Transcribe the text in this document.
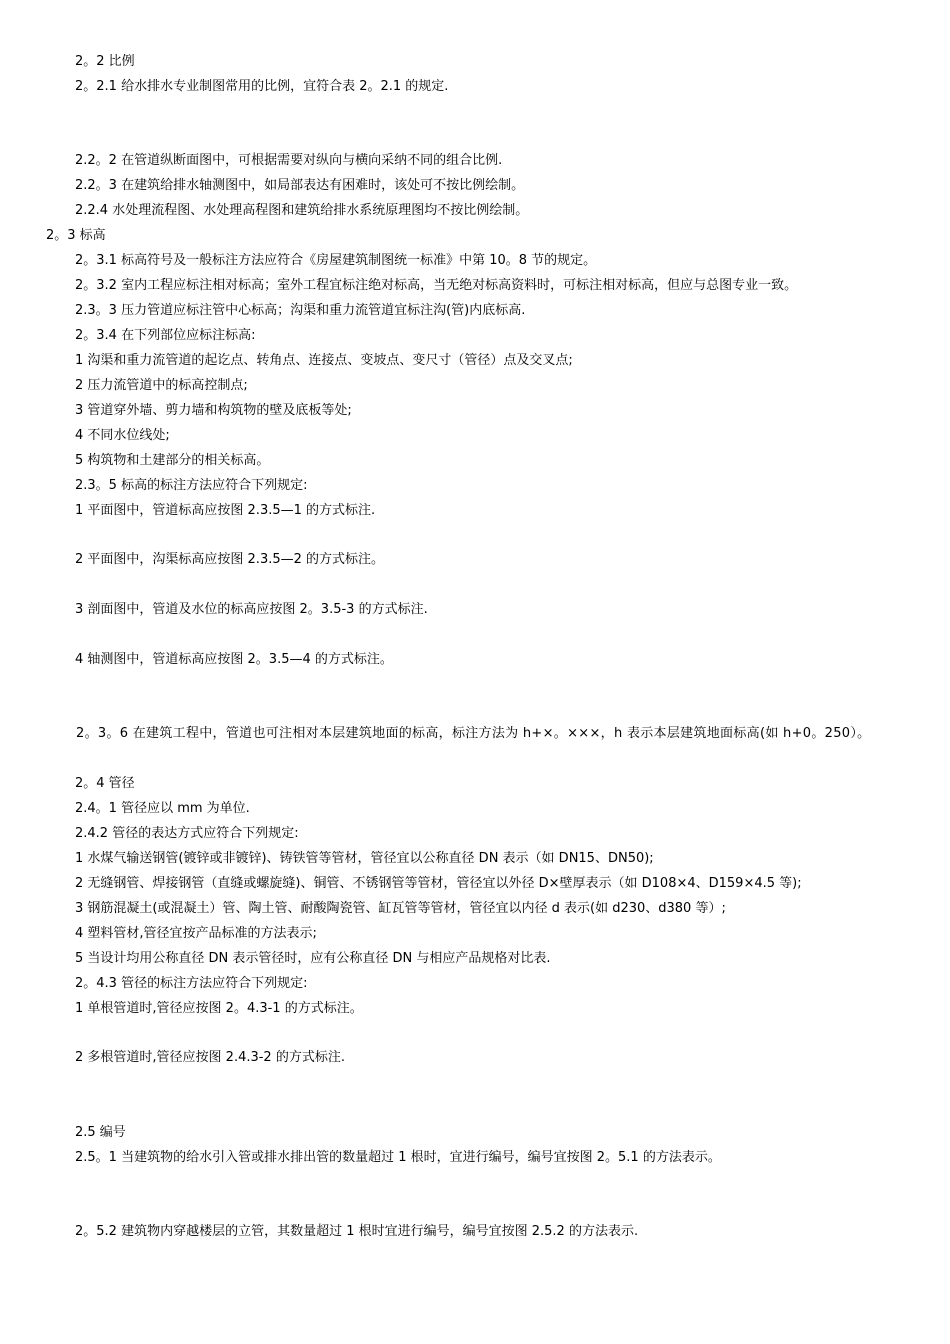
2。2 比例

2。2.1 给水排水专业制图常用的比例，宜符合表 2。2.1 的规定.

2.2。2 在管道纵断面图中，可根据需要对纵向与横向采纳不同的组合比例.

2.2。3 在建筑给排水轴测图中，如局部表达有困难时，该处可不按比例绘制。

2.2.4 水处理流程图、水处理高程图和建筑给排水系统原理图均不按比例绘制。

2。3 标高

2。3.1 标高符号及一般标注方法应符合《房屋建筑制图统一标准》中第 10。8 节的规定。

2。3.2 室内工程应标注相对标高；室外工程宜标注绝对标高，当无绝对标高资料时，可标注相对标高，但应与总图专业一致。

2.3。3 压力管道应标注管中心标高；沟渠和重力流管道宜标注沟(管)内底标高.

2。3.4 在下列部位应标注标高:

1 沟渠和重力流管道的起讫点、转角点、连接点、变坡点、变尺寸（管径）点及交叉点;

2 压力流管道中的标高控制点;

3 管道穿外墙、剪力墙和构筑物的壁及底板等处;

4 不同水位线处;

5 构筑物和土建部分的相关标高。

2.3。5 标高的标注方法应符合下列规定:

1 平面图中，管道标高应按图 2.3.5—1 的方式标注.

2 平面图中，沟渠标高应按图 2.3.5—2 的方式标注。

3 剖面图中，管道及水位的标高应按图 2。3.5-3 的方式标注.

4 轴测图中，管道标高应按图 2。3.5—4 的方式标注。

2。3。6 在建筑工程中，管道也可注相对本层建筑地面的标高，标注方法为 h+×。×××，h 表示本层建筑地面标高(如 h+0。250）。

2。4 管径

2.4。1 管径应以 mm 为单位.

2.4.2 管径的表达方式应符合下列规定:

1 水煤气输送钢管(镀锌或非镀锌)、铸铁管等管材，管径宜以公称直径 DN 表示（如 DN15、DN50);

2 无缝钢管、焊接钢管（直缝或螺旋缝)、铜管、不锈钢管等管材，管径宜以外径 D×壁厚表示（如 D108×4、D159×4.5 等);

3 钢筋混凝土(或混凝土）管、陶土管、耐酸陶瓷管、缸瓦管等管材，管径宜以内径 d 表示(如 d230、d380 等）;

4 塑料管材,管径宜按产品标准的方法表示;

5 当设计均用公称直径 DN 表示管径时，应有公称直径 DN 与相应产品规格对比表.

2。4.3 管径的标注方法应符合下列规定:

1 单根管道时,管径应按图 2。4.3-1 的方式标注。

2 多根管道时,管径应按图 2.4.3-2 的方式标注.

2.5 编号

2.5。1 当建筑物的给水引入管或排水排出管的数量超过 1 根时，宜进行编号，编号宜按图 2。5.1 的方法表示。

2。5.2 建筑物内穿越楼层的立管，其数量超过 1 根时宜进行编号，编号宜按图 2.5.2 的方法表示.
